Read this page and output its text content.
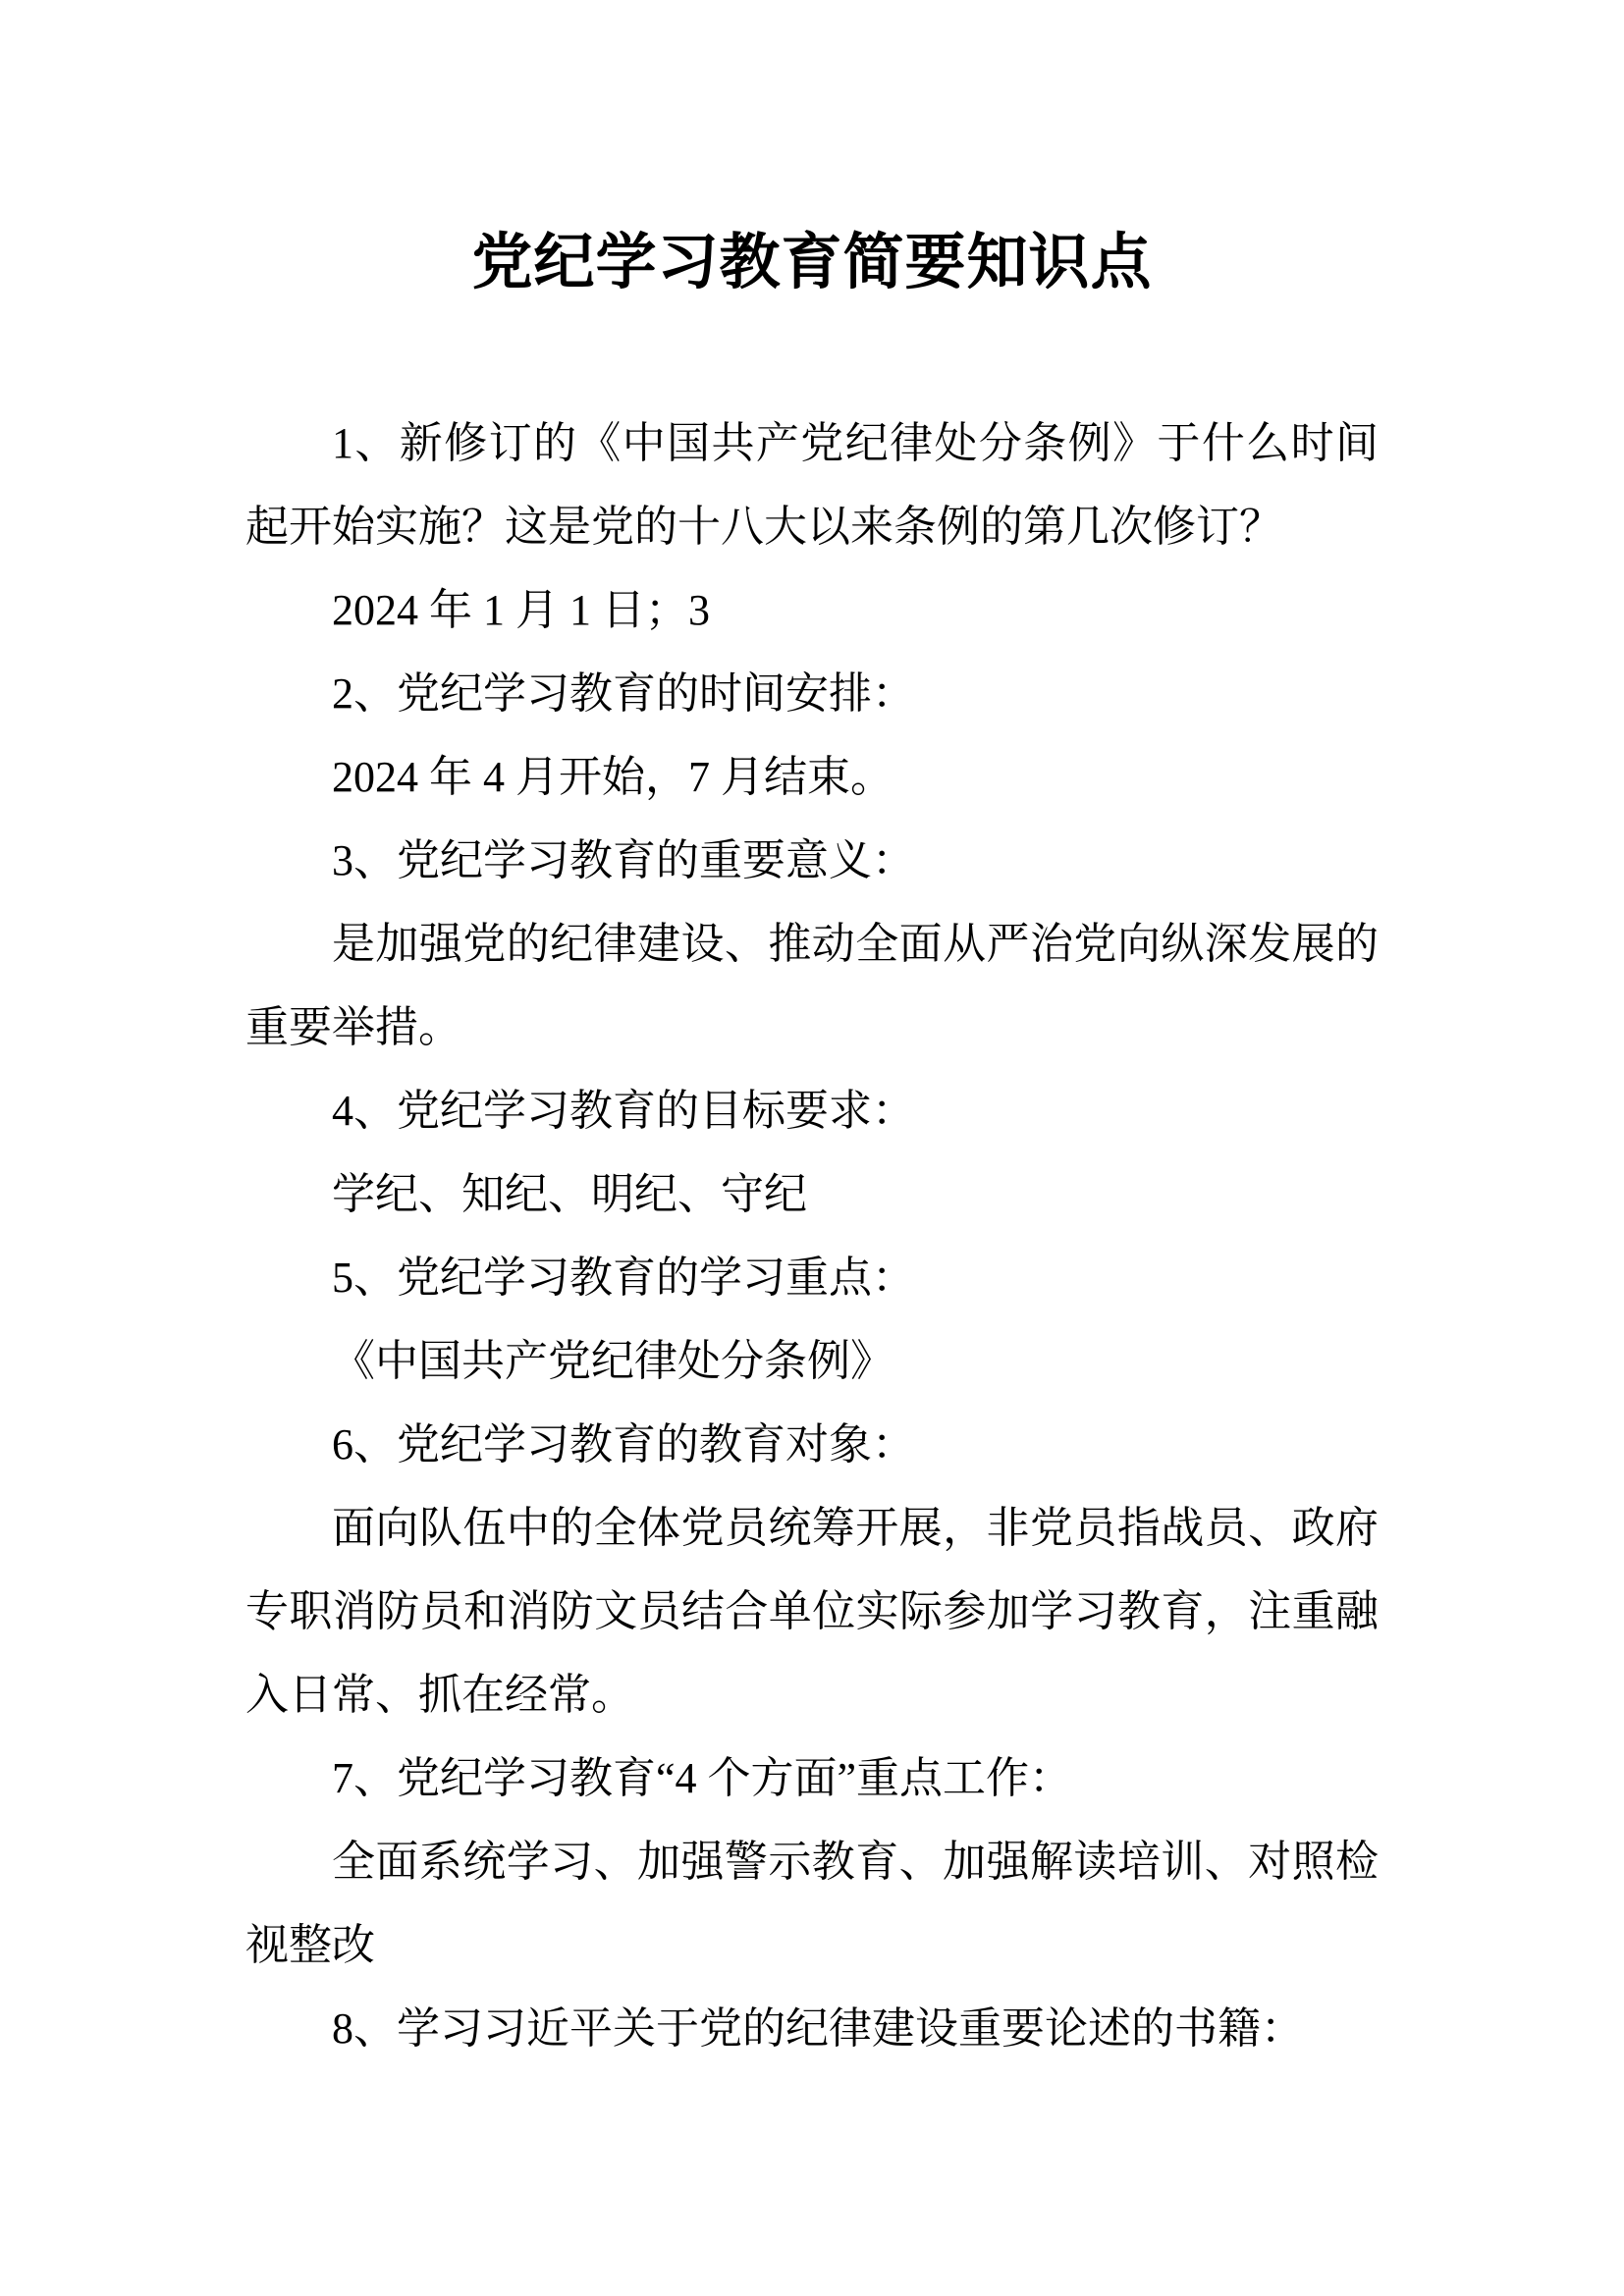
党纪学习教育简要知识点

1、新修订的《中国共产党纪律处分条例》于什么时间起开始实施？这是党的十八大以来条例的第几次修订？

2024 年 1 月 1 日；3

2、党纪学习教育的时间安排：

2024 年 4 月开始，7 月结束。

3、党纪学习教育的重要意义：

是加强党的纪律建设、推动全面从严治党向纵深发展的重要举措。

4、党纪学习教育的目标要求：

学纪、知纪、明纪、守纪

5、党纪学习教育的学习重点：

《中国共产党纪律处分条例》

6、党纪学习教育的教育对象：

面向队伍中的全体党员统筹开展，非党员指战员、政府专职消防员和消防文员结合单位实际参加学习教育，注重融入日常、抓在经常。

7、党纪学习教育“4 个方面”重点工作：

全面系统学习、加强警示教育、加强解读培训、对照检视整改

8、学习习近平关于党的纪律建设重要论述的书籍：
